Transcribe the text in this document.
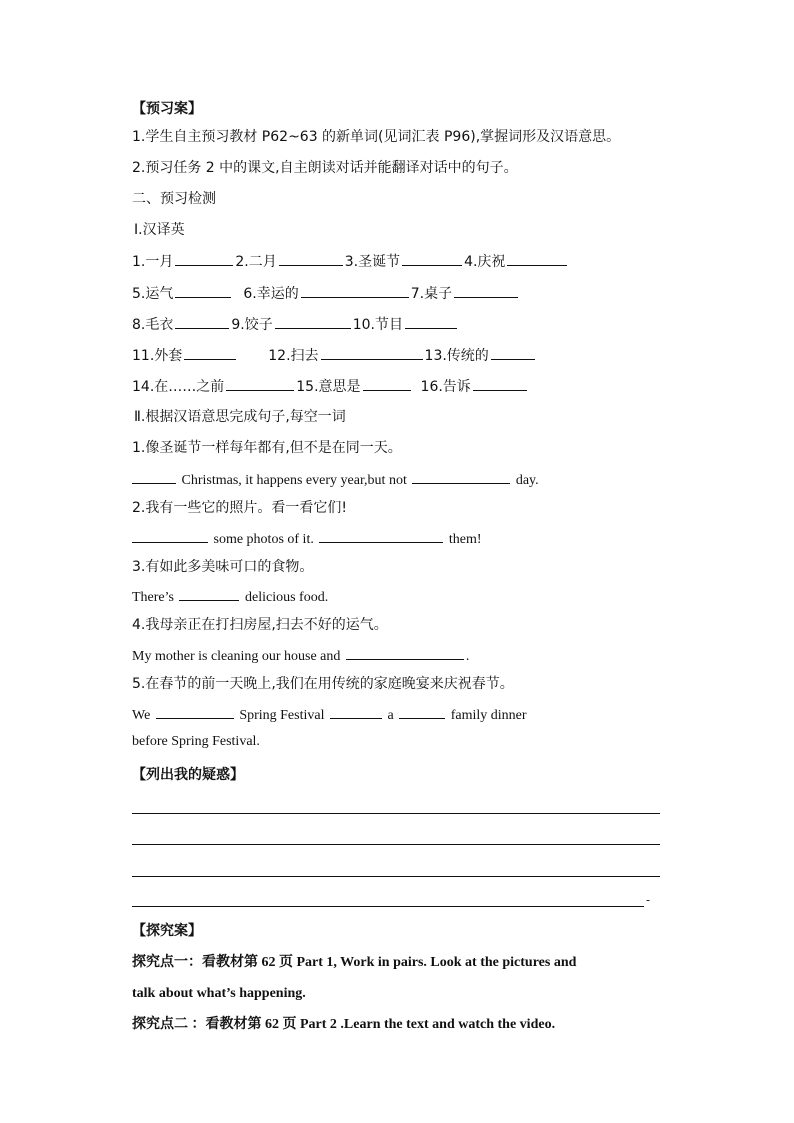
【预习案】
1.学生自主预习教材 P62~63 的新单词(见词汇表 P96),掌握词形及汉语意思。
2.预习任务 2 中的课文,自主朗读对话并能翻译对话中的句子。
二、预习检测
Ⅰ.汉译英
1.一月	2.二月	3.圣诞节	4.庆祝
5.运气	6.幸运的	7.桌子
8.毛衣	9.饺子	10.节目
11.外套	12.扫去	13.传统的
14.在……之前	15.意思是	16.告诉
Ⅱ.根据汉语意思完成句子,每空一词
1.像圣诞节一样每年都有,但不是在同一天。
Christmas, it happens every year,but not	day.
2.我有一些它的照片。看一看它们!
some photos of it.	them!
3.有如此多美味可口的食物。
There’s	delicious food.
4.我母亲正在打扫房屋,扫去不好的运气。
My mother is cleaning our house and	.
5.在春节的前一天晚上,我们在用传统的家庭晚宴来庆祝春节。
We	Spring Festival	a	family dinner
before Spring Festival.
【列出我的疑惑】
-
【探究案】
探究点一：看教材第 62 页 Part 1, Work in pairs. Look at the pictures and
talk about what’s happening.
探究点二 ：看教材第 62 页 Part 2 .Learn the text and watch the video.
